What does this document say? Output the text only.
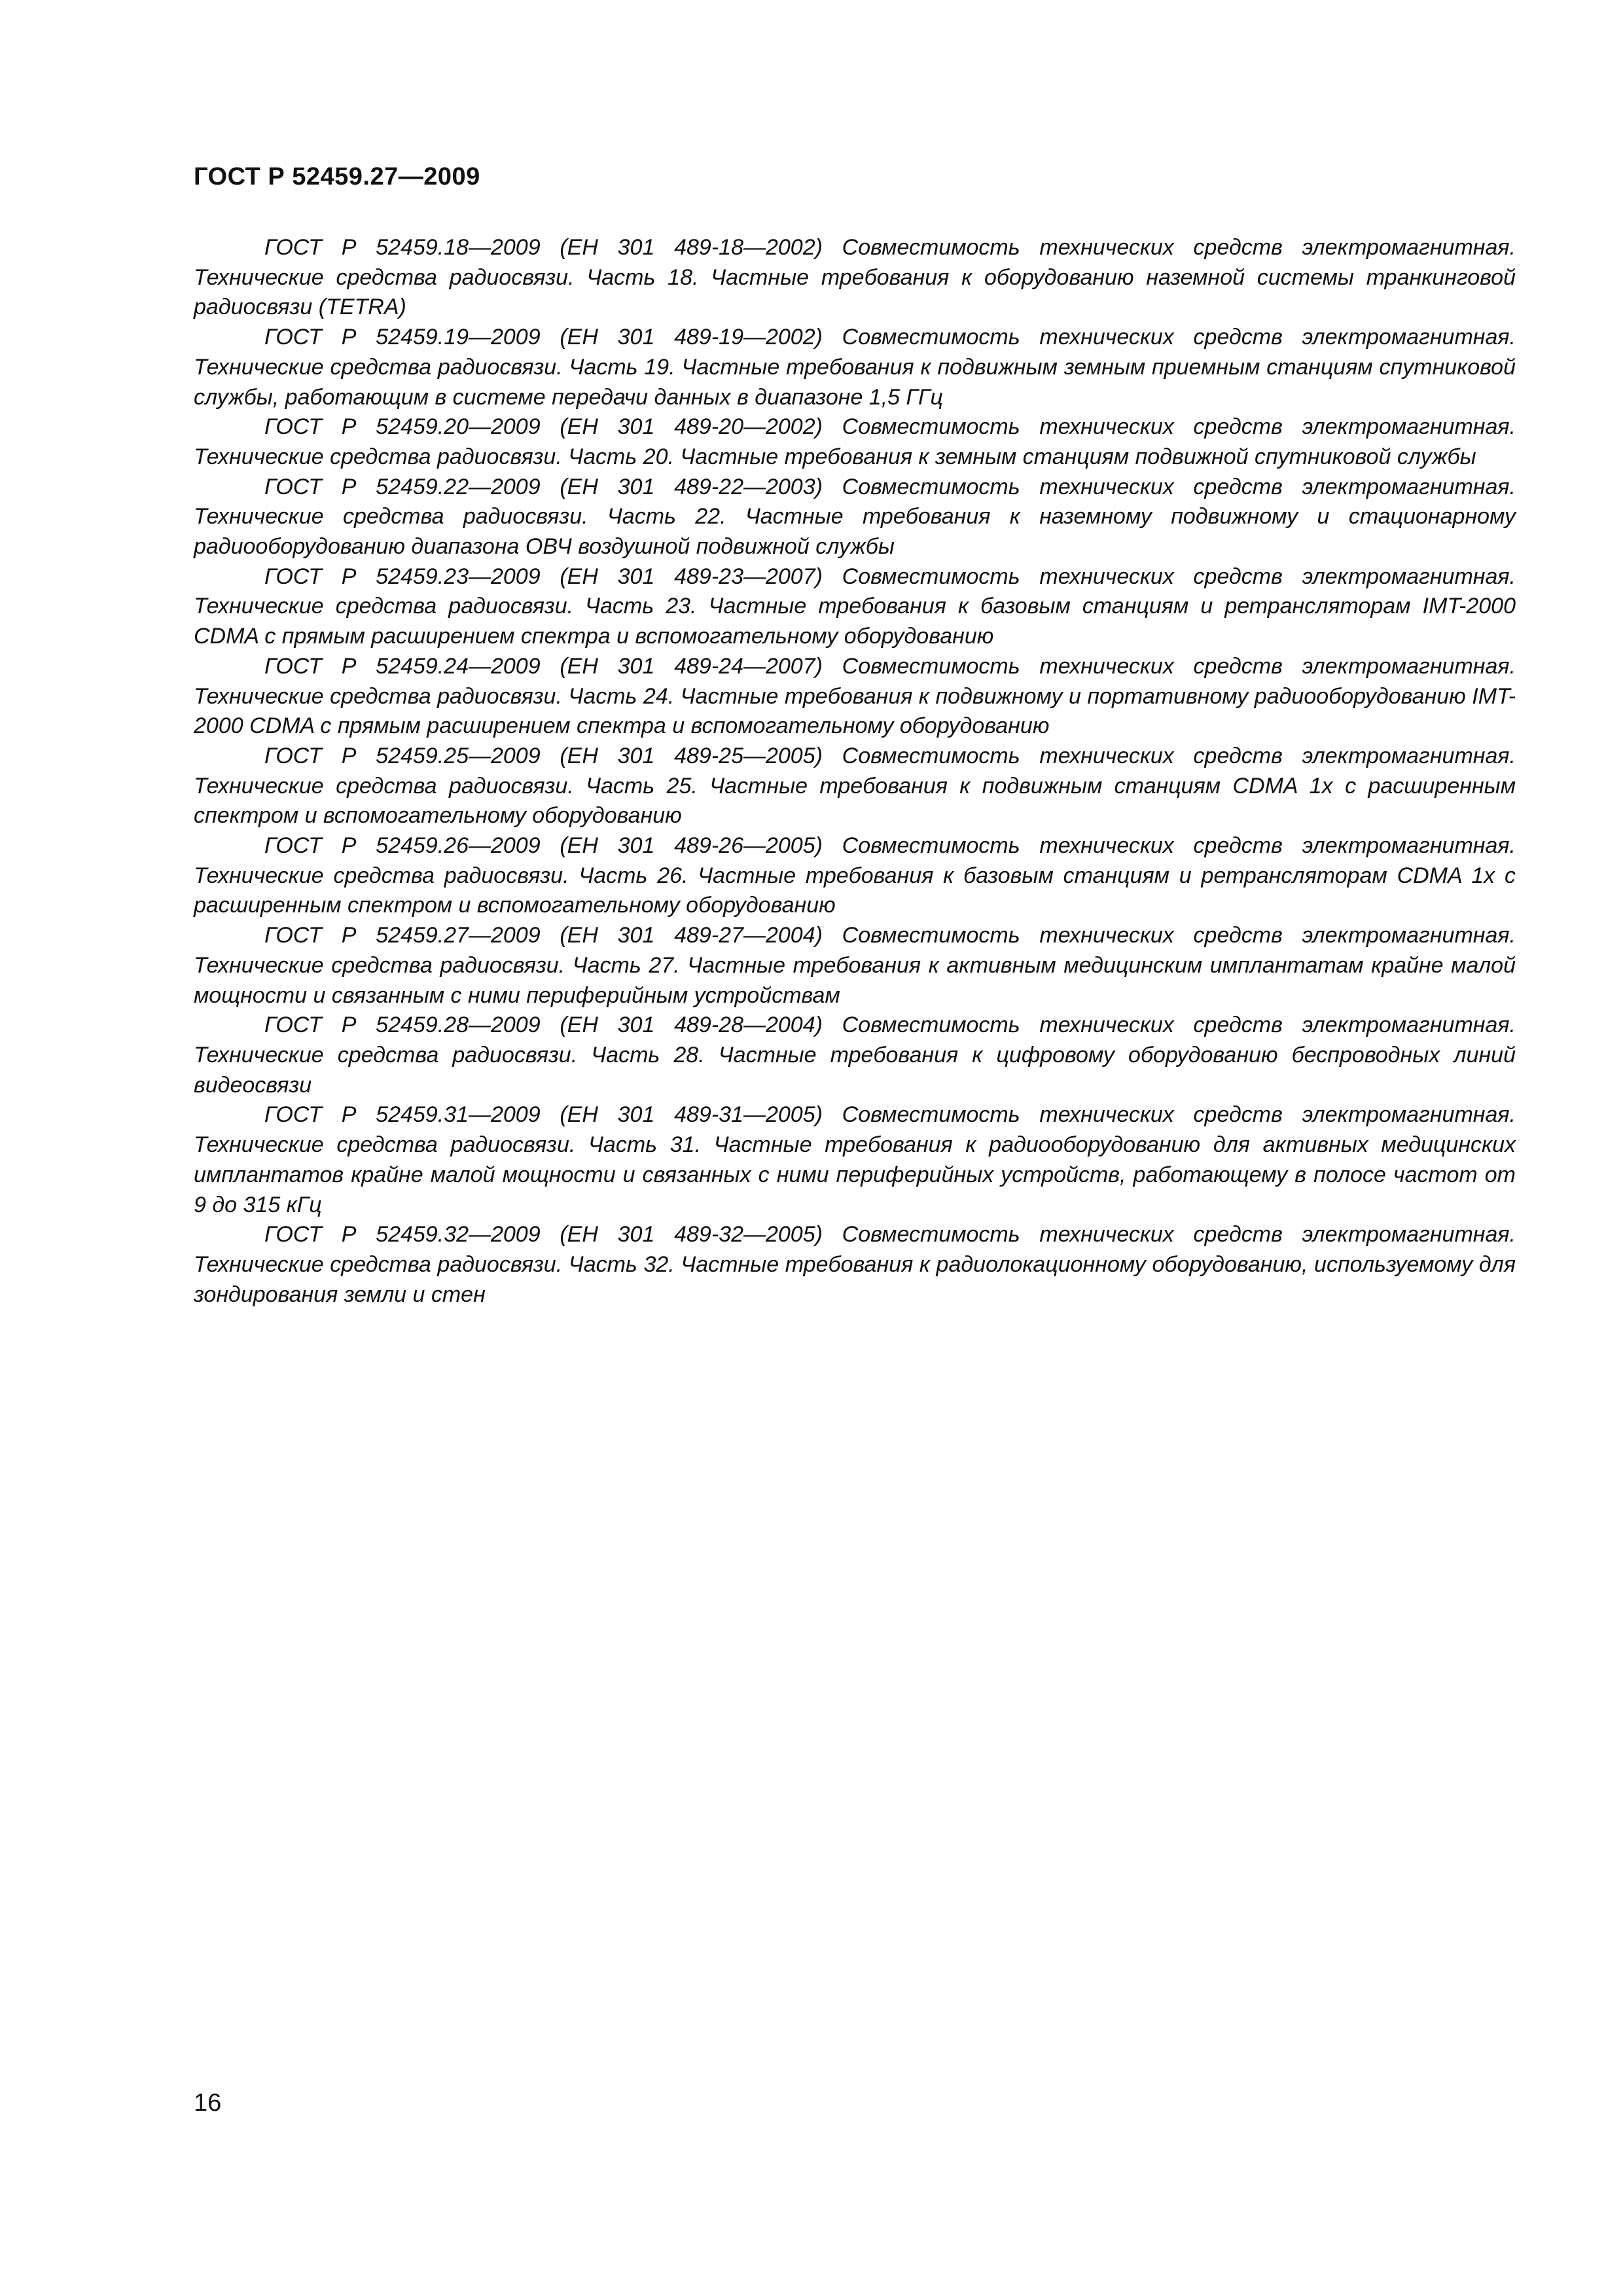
ГОСТ Р 52459.27—2009
ГОСТ Р 52459.18—2009 (ЕН 301 489-18—2002) Совместимость технических средств электромагнитная. Технические средства радиосвязи. Часть 18. Частные требования к оборудованию наземной системы транкинговой радиосвязи (TETRA)
ГОСТ Р 52459.19—2009 (ЕН 301 489-19—2002) Совместимость технических средств электромагнитная. Технические средства радиосвязи. Часть 19. Частные требования к подвижным земным приемным станциям спутниковой службы, работающим в системе передачи данных в диапазоне 1,5 ГГц
ГОСТ Р 52459.20—2009 (ЕН 301 489-20—2002) Совместимость технических средств электромагнитная. Технические средства радиосвязи. Часть 20. Частные требования к земным станциям подвижной спутниковой службы
ГОСТ Р 52459.22—2009 (ЕН 301 489-22—2003) Совместимость технических средств электромагнитная. Технические средства радиосвязи. Часть 22. Частные требования к наземному подвижному и стационарному радиооборудованию диапазона ОВЧ воздушной подвижной службы
ГОСТ Р 52459.23—2009 (ЕН 301 489-23—2007) Совместимость технических средств электромагнитная. Технические средства радиосвязи. Часть 23. Частные требования к базовым станциям и ретрансляторам IMT-2000 CDMA с прямым расширением спектра и вспомогательному оборудованию
ГОСТ Р 52459.24—2009 (ЕН 301 489-24—2007) Совместимость технических средств электромагнитная. Технические средства радиосвязи. Часть 24. Частные требования к подвижному и портативному радиооборудованию IMT-2000 CDMA с прямым расширением спектра и вспомогательному оборудованию
ГОСТ Р 52459.25—2009 (ЕН 301 489-25—2005) Совместимость технических средств электромагнитная. Технические средства радиосвязи. Часть 25. Частные требования к подвижным станциям CDMA 1x с расширенным спектром и вспомогательному оборудованию
ГОСТ Р 52459.26—2009 (ЕН 301 489-26—2005) Совместимость технических средств электромагнитная. Технические средства радиосвязи. Часть 26. Частные требования к базовым станциям и ретрансляторам CDMA 1x с расширенным спектром и вспомогательному оборудованию
ГОСТ Р 52459.27—2009 (ЕН 301 489-27—2004) Совместимость технических средств электромагнитная. Технические средства радиосвязи. Часть 27. Частные требования к активным медицинским имплантатам крайне малой мощности и связанным с ними периферийным устройствам
ГОСТ Р 52459.28—2009 (ЕН 301 489-28—2004) Совместимость технических средств электромагнитная. Технические средства радиосвязи. Часть 28. Частные требования к цифровому оборудованию беспроводных линий видеосвязи
ГОСТ Р 52459.31—2009 (ЕН 301 489-31—2005) Совместимость технических средств электромагнитная. Технические средства радиосвязи. Часть 31. Частные требования к радиооборудованию для активных медицинских имплантатов крайне малой мощности и связанных с ними периферийных устройств, работающему в полосе частот от 9 до 315 кГц
ГОСТ Р 52459.32—2009 (ЕН 301 489-32—2005) Совместимость технических средств электромагнитная. Технические средства радиосвязи. Часть 32. Частные требования к радиолокационному оборудованию, используемому для зондирования земли и стен

16
